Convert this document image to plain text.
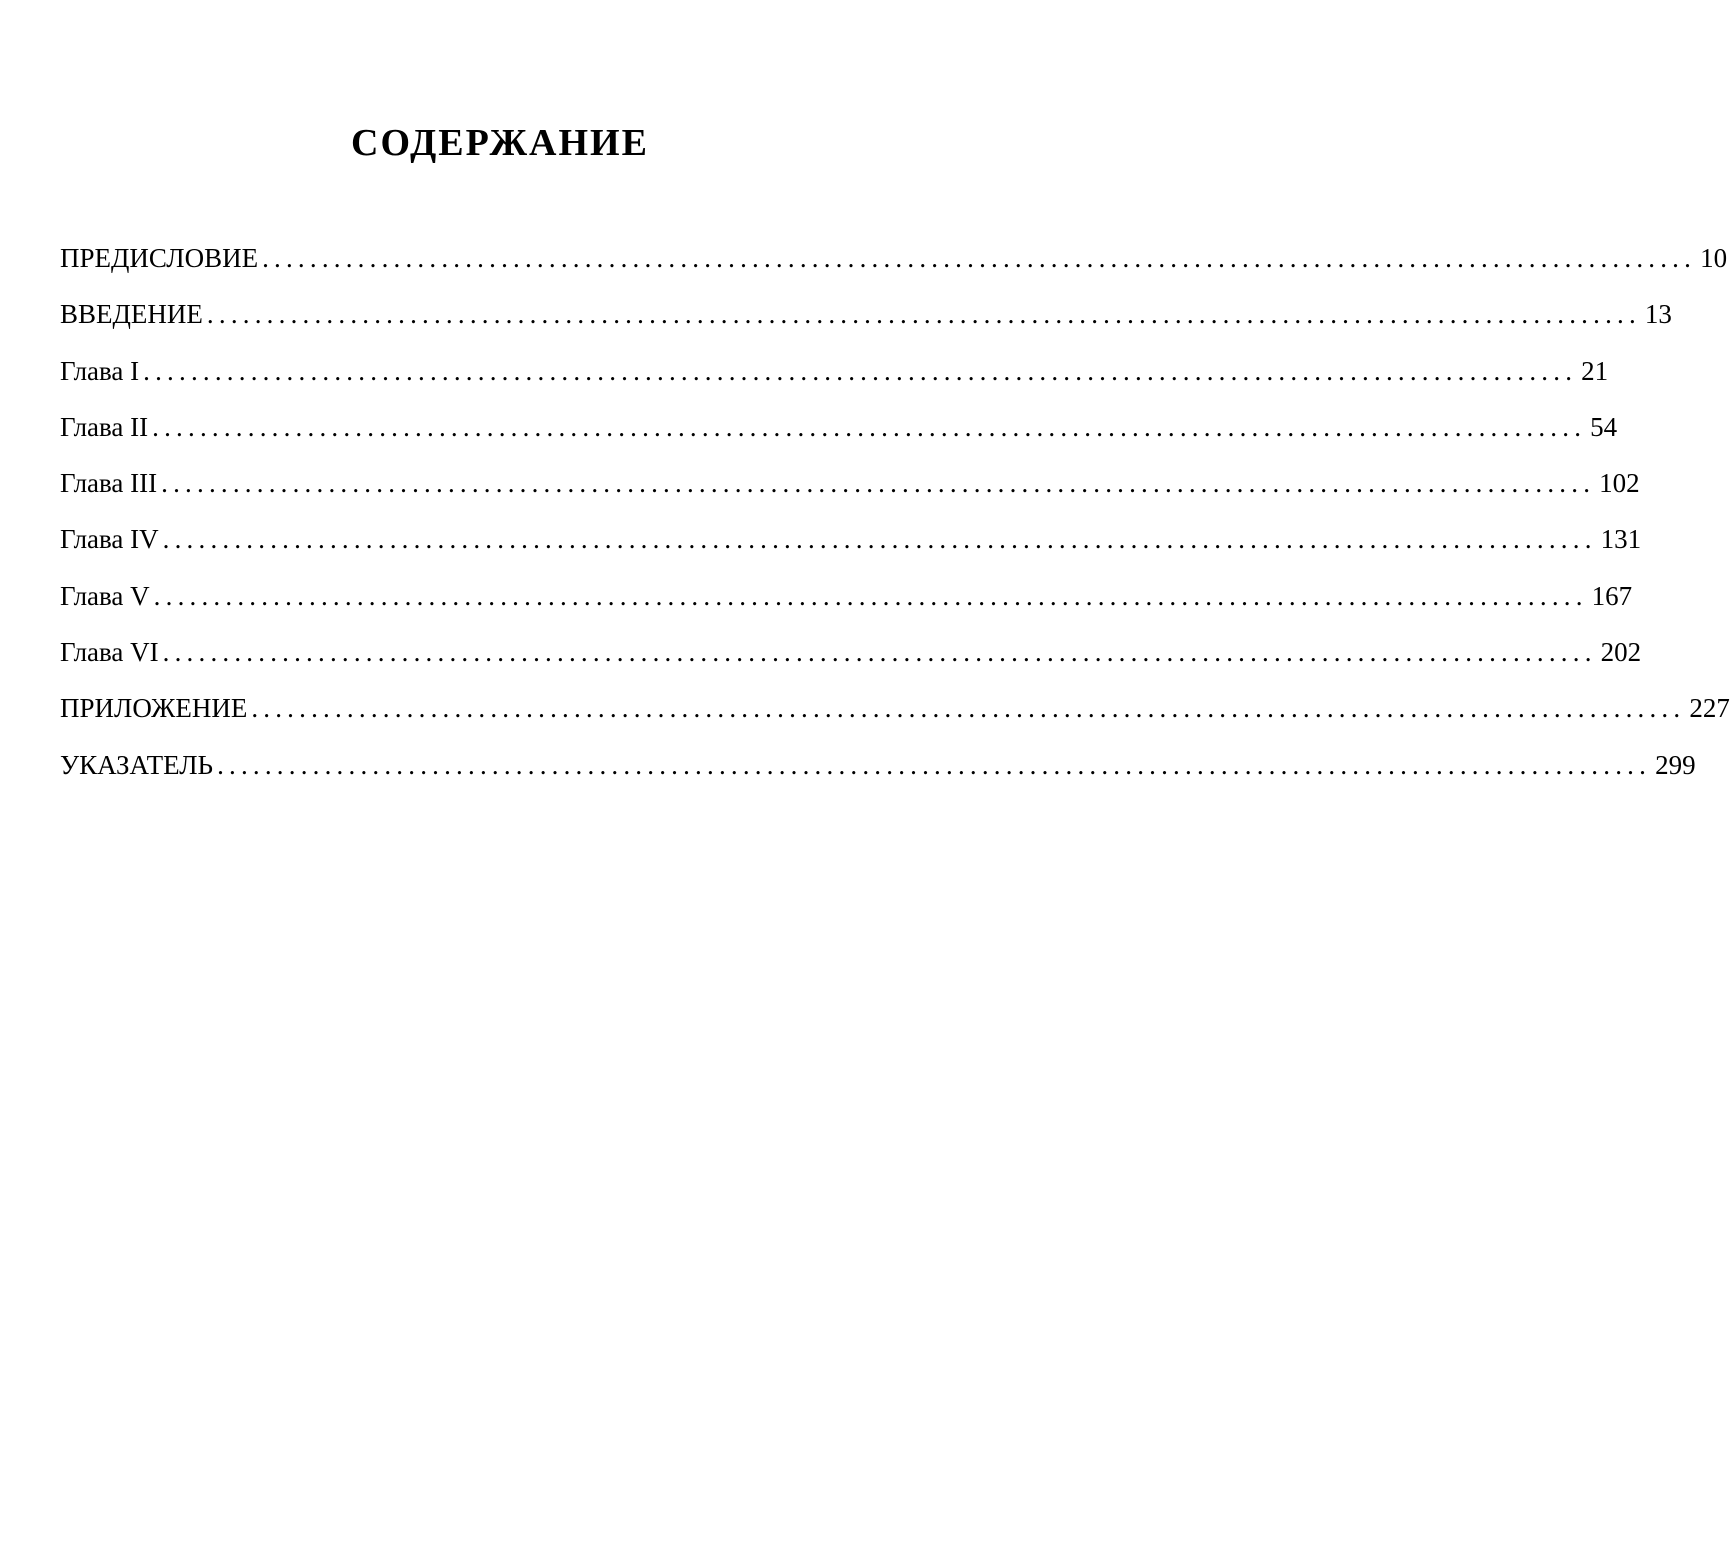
СОДЕРЖАНИЕ
ПРЕДИСЛОВИЕ ........................................................................................................................ 10
ВВЕДЕНИЕ ........................................................................................................................ 13
Глава I ........................................................................................................................ 21
Глава II ........................................................................................................................ 54
Глава III ........................................................................................................................ 102
Глава IV ........................................................................................................................ 131
Глава V ........................................................................................................................ 167
Глава VI ........................................................................................................................ 202
ПРИЛОЖЕНИЕ ........................................................................................................................ 227
УКАЗАТЕЛЬ ........................................................................................................................ 299
